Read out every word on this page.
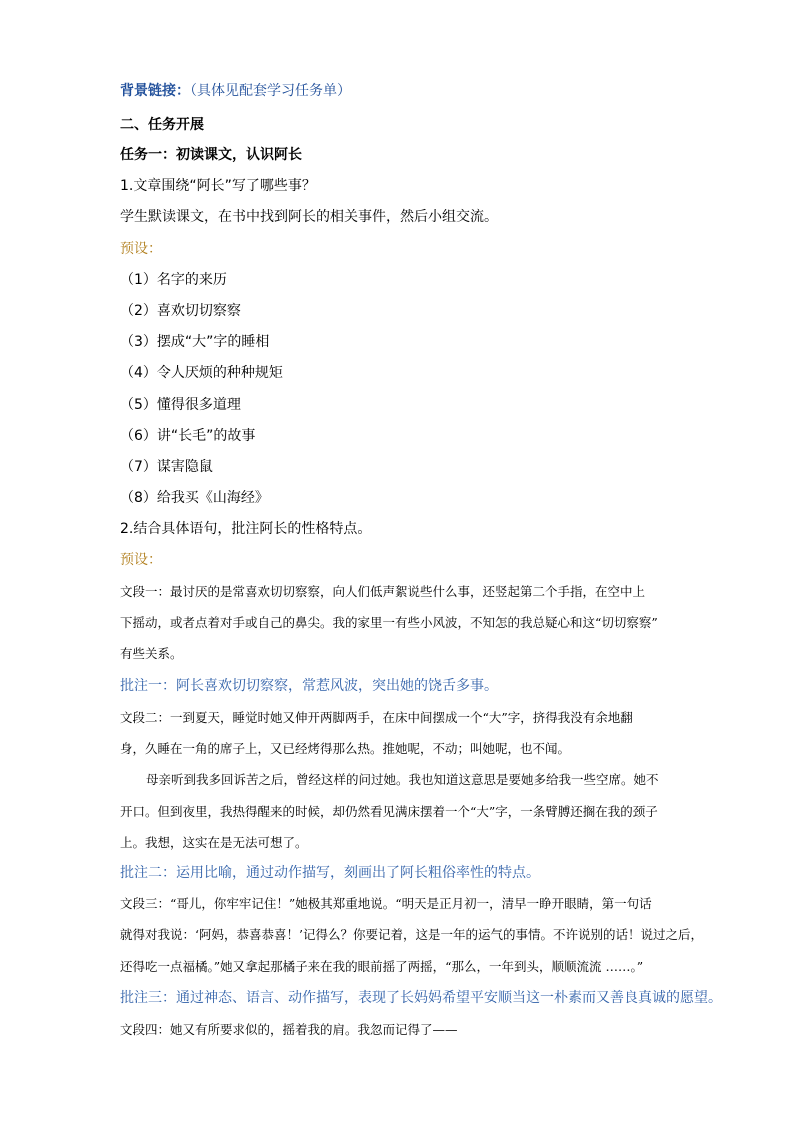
背景链接：（具体见配套学习任务单）
二、任务开展
任务一：初读课文，认识阿长
1.文章围绕“阿长”写了哪些事？
学生默读课文，在书中找到阿长的相关事件，然后小组交流。
预设：
（1）名字的来历
（2）喜欢切切察察
（3）摆成“大”字的睡相
（4）令人厌烦的种种规矩
（5）懂得很多道理
（6）讲“长毛”的故事
（7）谋害隐鼠
（8）给我买《山海经》
2.结合具体语句，批注阿长的性格特点。
预设：
文段一：最讨厌的是常喜欢切切察察，向人们低声絮说些什么事，还竖起第二个手指，在空中上
下摇动，或者点着对手或自己的鼻尖。我的家里一有些小风波，不知怎的我总疑心和这“切切察察”
有些关系。
批注一：阿长喜欢切切察察，常惹风波，突出她的饶舌多事。
文段二：一到夏天，睡觉时她又伸开两脚两手，在床中间摆成一个“大”字，挤得我没有余地翻
身，久睡在一角的席子上，又已经烤得那么热。推她呢，不动；叫她呢，也不闻。
母亲听到我多回诉苦之后，曾经这样的问过她。我也知道这意思是要她多给我一些空席。她不
开口。但到夜里，我热得醒来的时候，却仍然看见满床摆着一个“大”字，一条臂膊还搁在我的颈子
上。我想，这实在是无法可想了。
批注二：运用比喻，通过动作描写，刻画出了阿长粗俗率性的特点。
文段三：“哥儿，你牢牢记住！”她极其郑重地说。“明天是正月初一，清早一睁开眼睛，第一句话
就得对我说：‘阿妈，恭喜恭喜！’记得么？你要记着，这是一年的运气的事情。不许说别的话！说过之后，
还得吃一点福橘。”她又拿起那橘子来在我的眼前摇了两摇，“那么，一年到头，顺顺流流 ……。”
批注三：通过神态、语言、动作描写，表现了长妈妈希望平安顺当这一朴素而又善良真诚的愿望。
文段四：她又有所要求似的，摇着我的肩。我忽而记得了——
